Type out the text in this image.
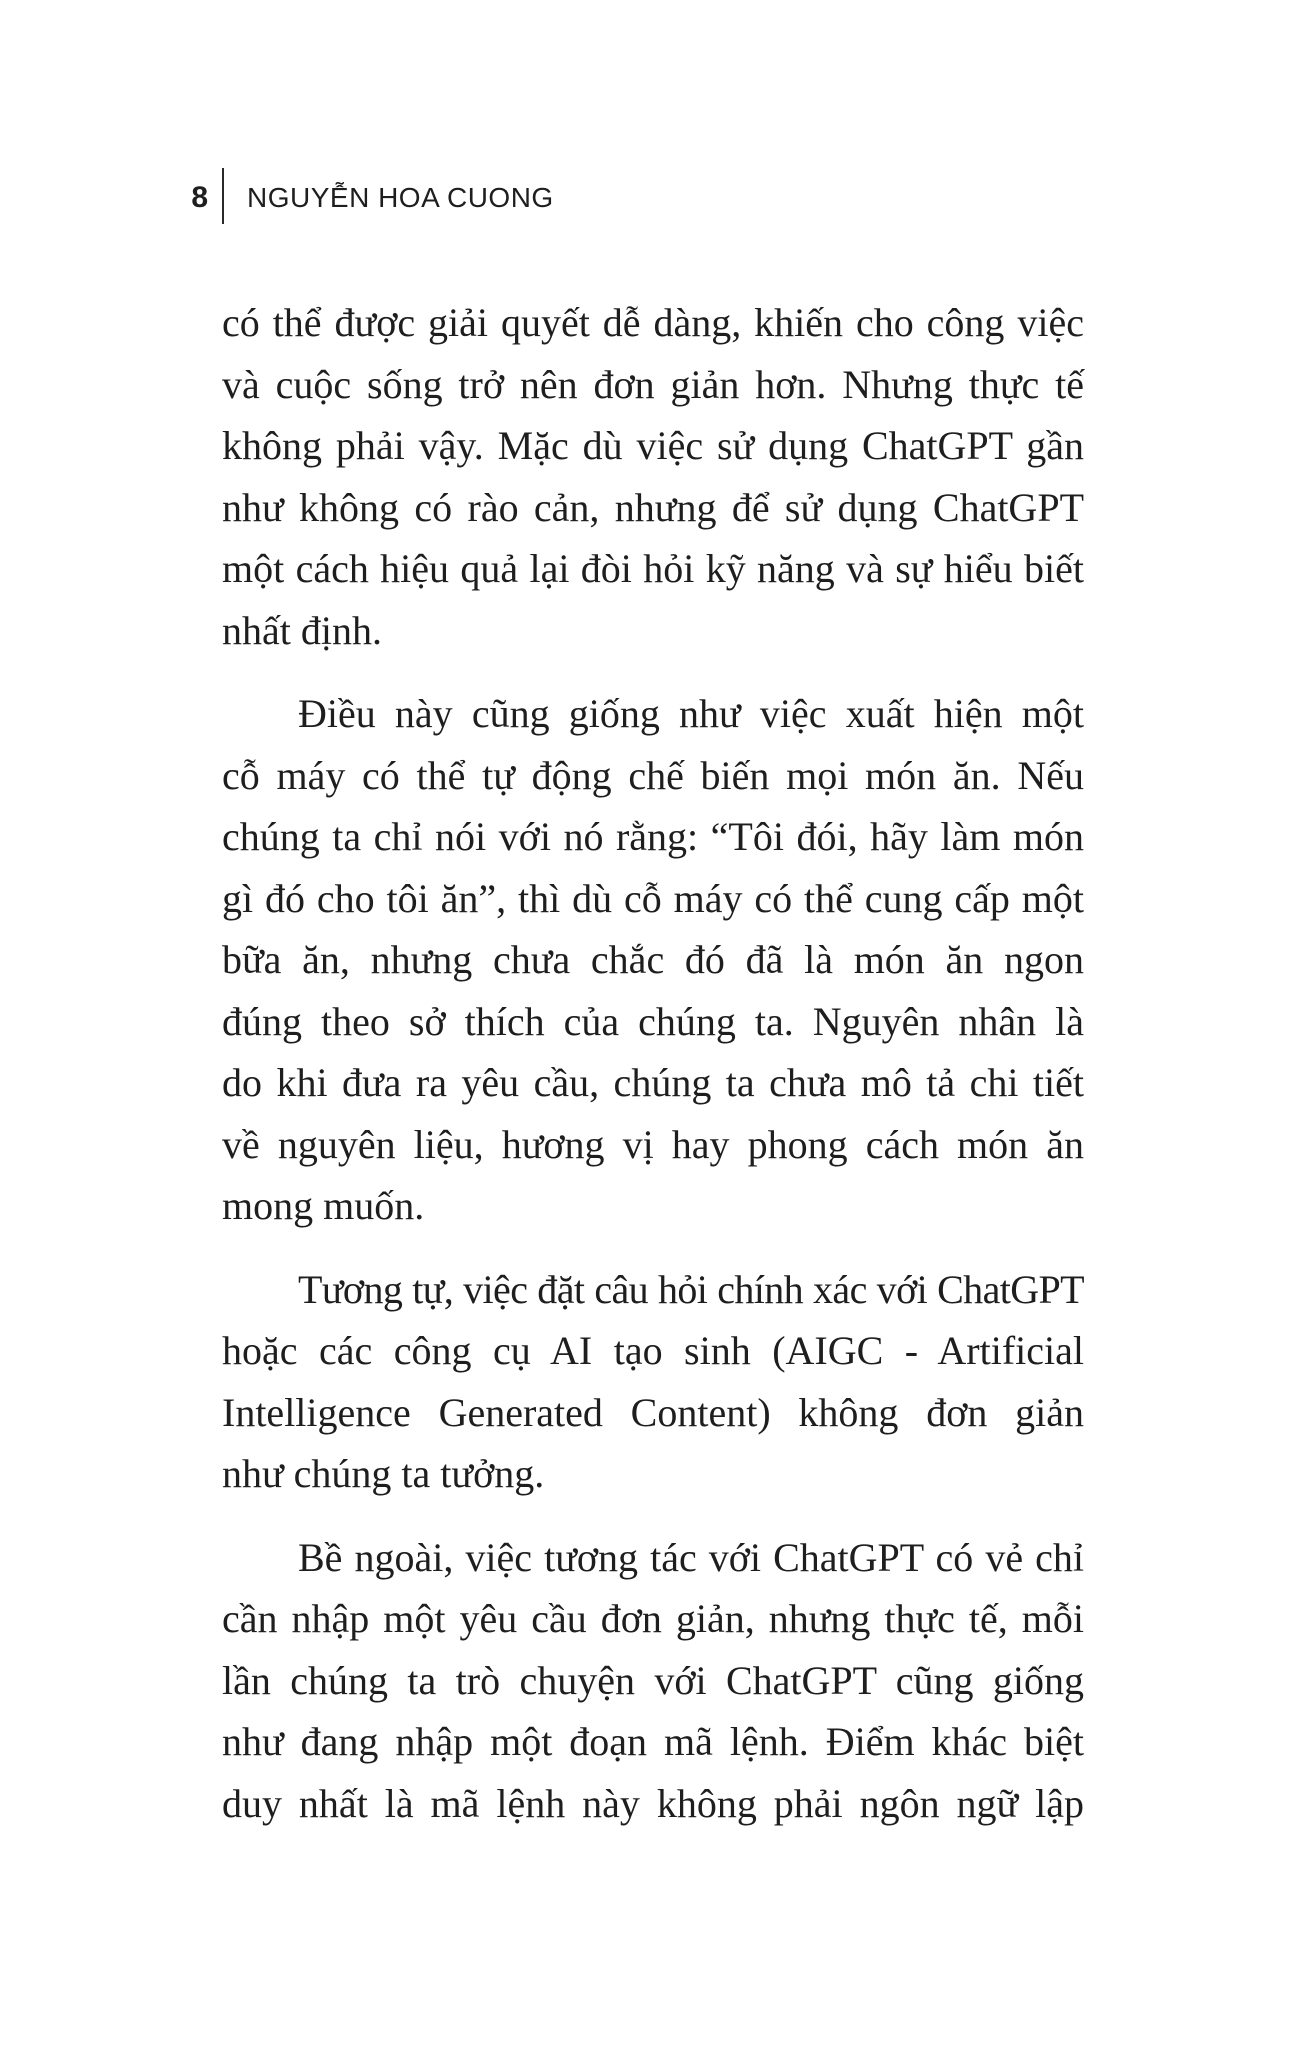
8 NGUYỄN HOA CUONG

có thể được giải quyết dễ dàng, khiến cho công việc
và cuộc sống trở nên đơn giản hơn. Nhưng thực tế
không phải vậy. Mặc dù việc sử dụng ChatGPT gần
như không có rào cản, nhưng để sử dụng ChatGPT
một cách hiệu quả lại đòi hỏi kỹ năng và sự hiểu biết
nhất định.

Điều này cũng giống như việc xuất hiện một
cỗ máy có thể tự động chế biến mọi món ăn. Nếu
chúng ta chỉ nói với nó rằng: “Tôi đói, hãy làm món
gì đó cho tôi ăn”, thì dù cỗ máy có thể cung cấp một
bữa ăn, nhưng chưa chắc đó đã là món ăn ngon
đúng theo sở thích của chúng ta. Nguyên nhân là
do khi đưa ra yêu cầu, chúng ta chưa mô tả chi tiết
về nguyên liệu, hương vị hay phong cách món ăn
mong muốn.

Tương tự, việc đặt câu hỏi chính xác với ChatGPT
hoặc các công cụ AI tạo sinh (AIGC - Artificial
Intelligence Generated Content) không đơn giản
như chúng ta tưởng.

Bề ngoài, việc tương tác với ChatGPT có vẻ chỉ
cần nhập một yêu cầu đơn giản, nhưng thực tế, mỗi
lần chúng ta trò chuyện với ChatGPT cũng giống
như đang nhập một đoạn mã lệnh. Điểm khác biệt
duy nhất là mã lệnh này không phải ngôn ngữ lập
